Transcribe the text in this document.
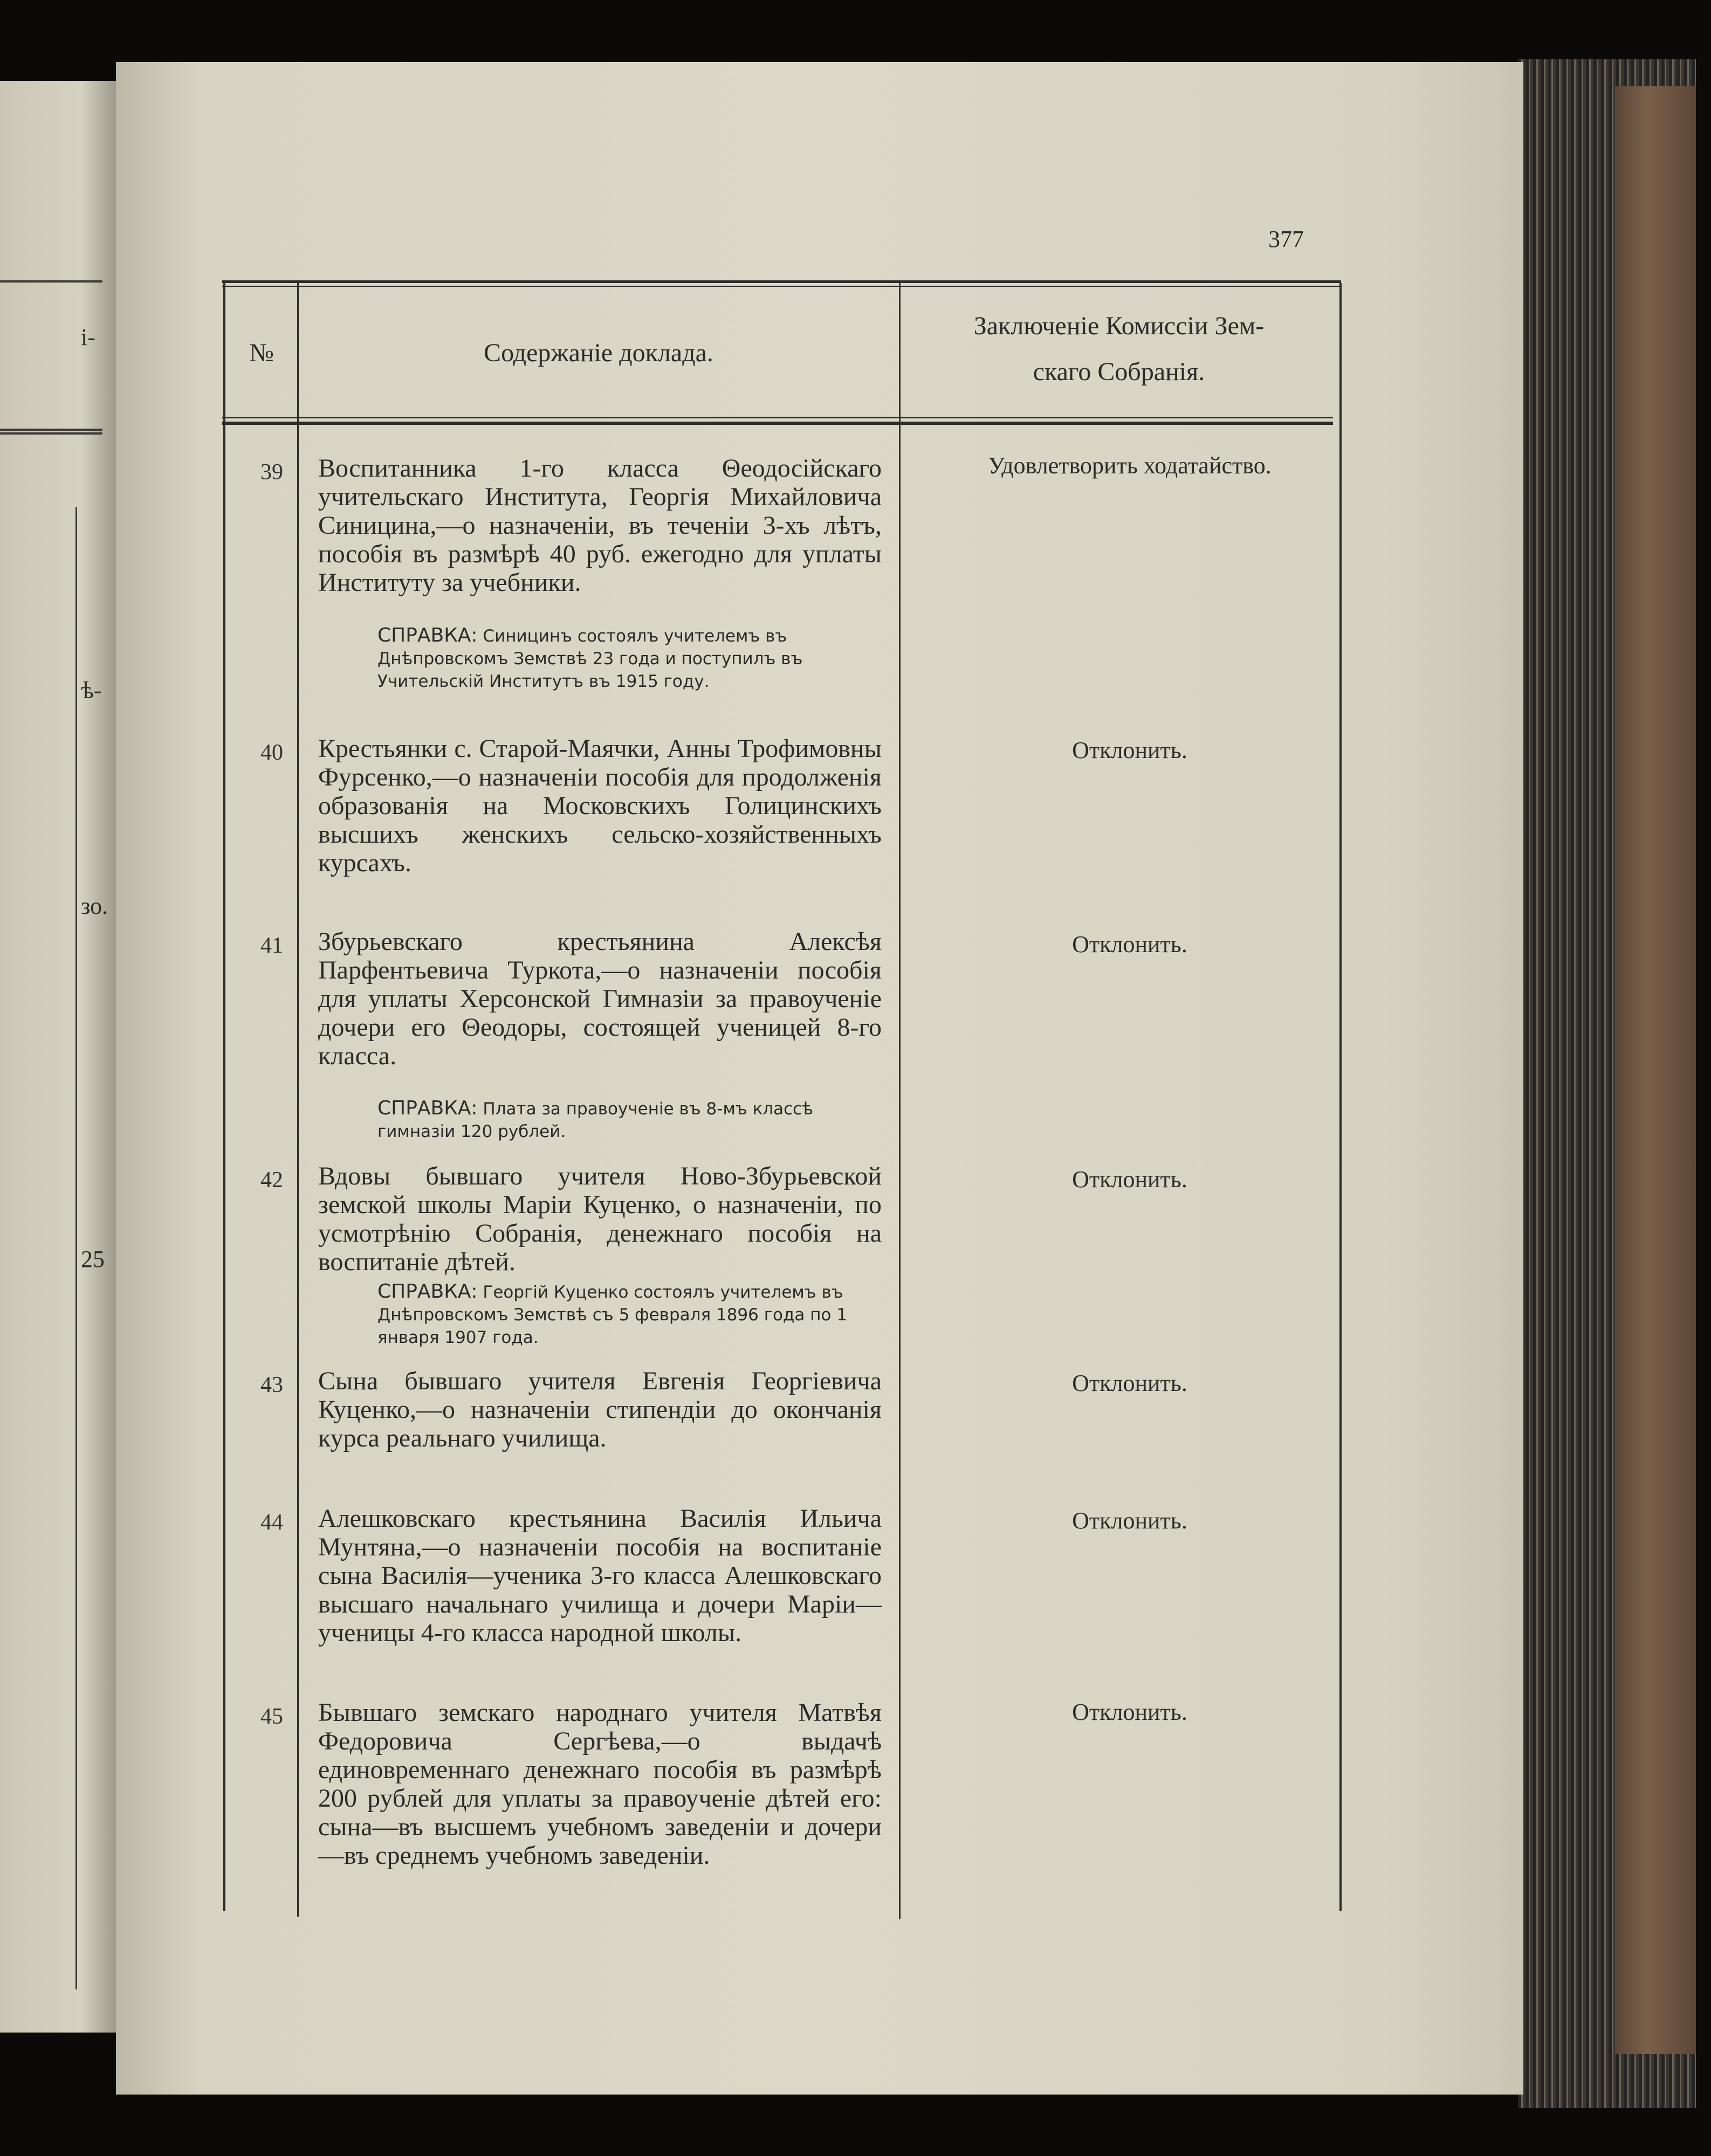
і-
ѣ-
зо.
25
377
№	Содержаніе доклада.
Заключеніе Комиссіи Зем-
скаго Собранія.
39 Воспитанника 1-го класса Θеодосійскаго учительскаго Института, Георгія Михайловича Синицина,—о назначеніи, въ теченіи 3-хъ лѣтъ, пособія въ размѣрѣ 40 руб. ежегодно для уплаты Институту за учебники.
СПРАВКА: Синицинъ состоялъ учителемъ въ Днѣпровскомъ Земствѣ 23 года и поступилъ въ Учительскій Институтъ въ 1915 году.
Удовлетворить ходатайство.
40 Крестьянки с. Старой-Маячки, Анны Трофимовны Фурсенко,—о назначеніи пособія для продолженія образованія на Московскихъ Голицинскихъ высшихъ женскихъ сельско-хозяйственныхъ курсахъ.
Отклонить.
41 Збурьевскаго крестьянина Алексѣя Парфентьевича Туркота,—о назначеніи пособія для уплаты Херсонской Гимназіи за правоученіе дочери его Θеодоры, состоящей ученицей 8-го класса.
СПРАВКА: Плата за правоученіе въ 8-мъ классѣ гимназіи 120 рублей.
Отклонить.
42 Вдовы бывшаго учителя Ново-Збурьевской земской школы Маріи Куценко, о назначеніи, по усмотрѣнію Собранія, денежнаго пособія на воспитаніе дѣтей.
СПРАВКА: Георгій Куценко состоялъ учителемъ въ Днѣпровскомъ Земствѣ съ 5 февраля 1896 года по 1 января 1907 года.
Отклонить.
43 Сына бывшаго учителя Евгенія Георгіевича Куценко,—о назначеніи стипендіи до окончанія курса реальнаго училища.
Отклонить.
44 Алешковскаго крестьянина Василія Ильича Мунтяна,—о назначеніи пособія на воспитаніе сына Василія—ученика 3-го класса Алешковскаго высшаго начальнаго училища и дочери Маріи—ученицы 4-го класса народной школы.
Отклонить.
45 Бывшаго земскаго народнаго учителя Матвѣя Федоровича Сергѣева,—о выдачѣ единовременнаго денежнаго пособія въ размѣрѣ 200 рублей для уплаты за правоученіе дѣтей его: сына—въ высшемъ учебномъ заведеніи и дочери—въ среднемъ учебномъ заведеніи.
Отклонить.
